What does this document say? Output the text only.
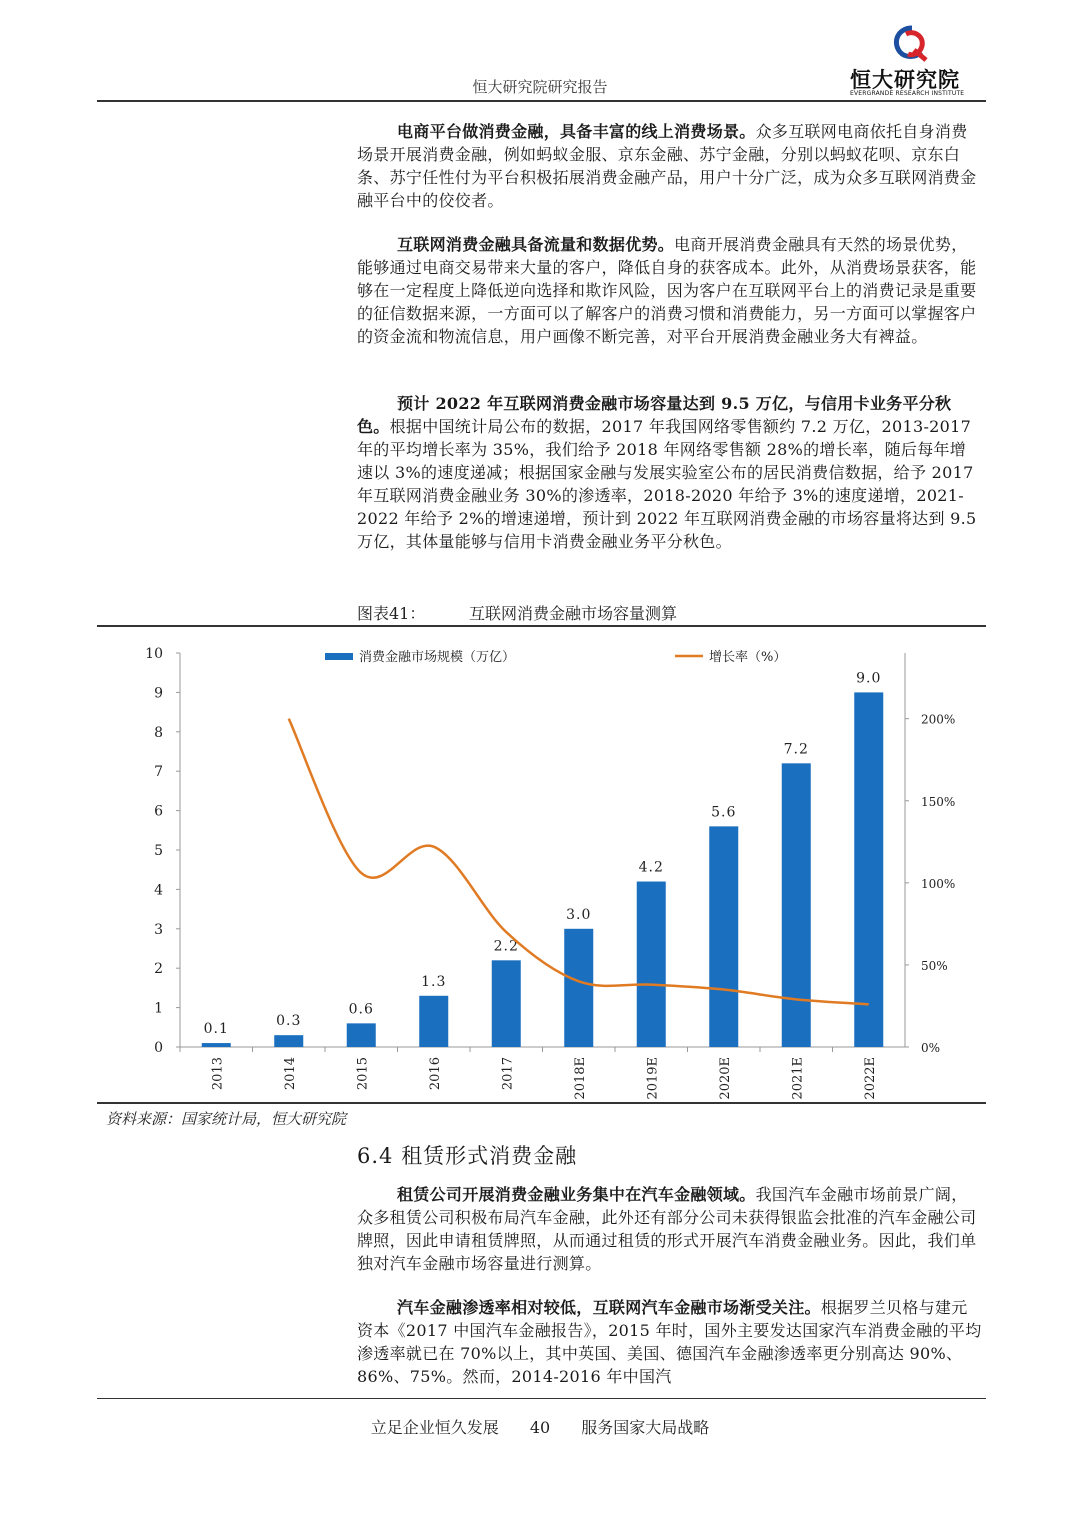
恒大研究院
EVERGRANDE RESEARCH INSTITUTE
恒大研究院研究报告

电商平台做消费金融，具备丰富的线上消费场景。众多互联网电商依托自身消费场景开展消费金融，例如蚂蚁金服、京东金融、苏宁金融，分别以蚂蚁花呗、京东白条、苏宁任性付为平台积极拓展消费金融产品，用户十分广泛，成为众多互联网消费金融平台中的佼佼者。

互联网消费金融具备流量和数据优势。电商开展消费金融具有天然的场景优势，能够通过电商交易带来大量的客户，降低自身的获客成本。此外，从消费场景获客，能够在一定程度上降低逆向选择和欺诈风险，因为客户在互联网平台上的消费记录是重要的征信数据来源，一方面可以了解客户的消费习惯和消费能力，另一方面可以掌握客户的资金流和物流信息，用户画像不断完善，对平台开展消费金融业务大有裨益。

预计 2022 年互联网消费金融市场容量达到 9.5 万亿，与信用卡业务平分秋色。根据中国统计局公布的数据，2017 年我国网络零售额约 7.2 万亿，2013-2017 年的平均增长率为 35%，我们给予 2018 年网络零售额 28%的增长率，随后每年增速以 3%的速度递减；根据国家金融与发展实验室公布的居民消费信数据，给予 2017 年互联网消费金融业务 30%的渗透率，2018-2020 年给予 3%的速度递增，2021-2022 年给予 2%的增速递增，预计到 2022 年互联网消费金融的市场容量将达到 9.5 万亿，其体量能够与信用卡消费金融业务平分秋色。

图表41：	互联网消费金融市场容量测算
0
1
2
3
4
5
6
7
8
9
10
0%
50%
100%
150%
200%
2013	2014	2015	2016	2017	2018E	2019E	2020E	2021E	2022E
0.1	0.3
0.6
1.3
2.2
3.0
4.2
5.6
7.2
9.0
消费金融市场规模（万亿）	增长率（%）
资料来源：国家统计局，恒大研究院
6.4 租赁形式消费金融

租赁公司开展消费金融业务集中在汽车金融领域。我国汽车金融市场前景广阔，众多租赁公司积极布局汽车金融，此外还有部分公司未获得银监会批准的汽车金融公司牌照，因此申请租赁牌照，从而通过租赁的形式开展汽车消费金融业务。因此，我们单独对汽车金融市场容量进行测算。

汽车金融渗透率相对较低，互联网汽车金融市场渐受关注。根据罗兰贝格与建元资本《2017 中国汽车金融报告》，2015 年时，国外主要发达国家汽车消费金融的平均渗透率就已在 70%以上，其中英国、美国、德国汽车金融渗透率更分别高达 90%、86%、75%。然而，2014-2016 年中国汽

立足企业恒久发展 40 服务国家大局战略
